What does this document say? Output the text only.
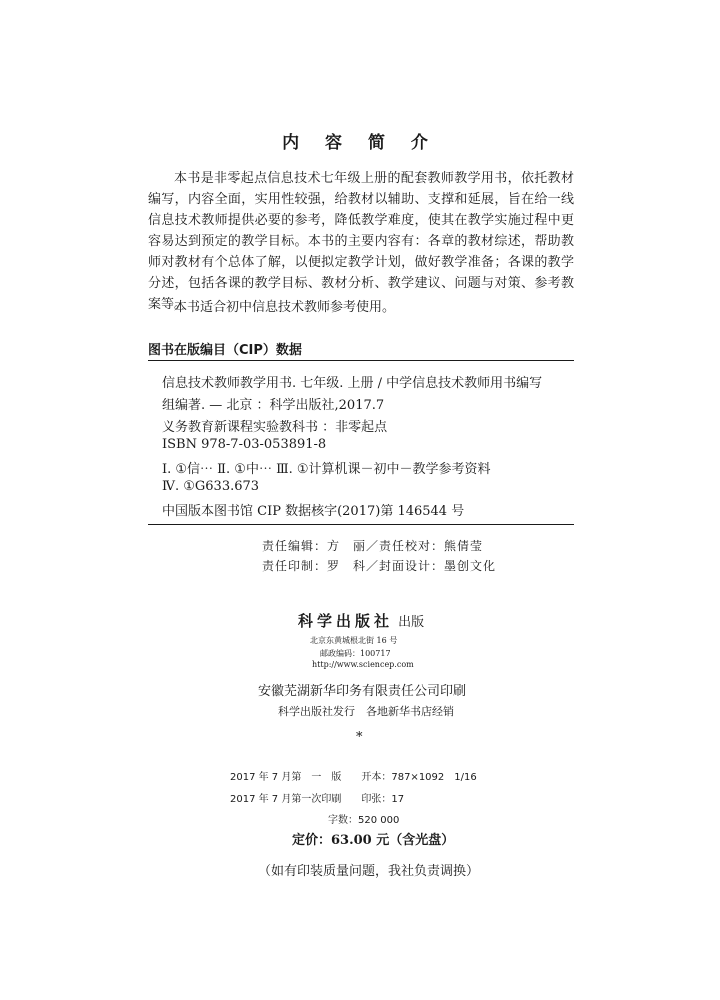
内 容 简 介

本书是非零起点信息技术七年级上册的配套教师教学用书，依托教材编写，内容全面，实用性较强，给教材以辅助、支撑和延展，旨在给一线信息技术教师提供必要的参考，降低教学难度，使其在教学实施过程中更容易达到预定的教学目标。本书的主要内容有：各章的教材综述，帮助教师对教材有个总体了解，以便拟定教学计划，做好教学准备；各课的教学分述，包括各课的教学目标、教材分析、教学建议、问题与对策、参考教案等。

本书适合初中信息技术教师参考使用。

图书在版编目（CIP）数据
信息技术教师教学用书. 七年级. 上册 / 中学信息技术教师用书编写
组编著. — 北京 ：科学出版社,2017.7
义务教育新课程实验教科书 ：非零起点
ISBN 978-7-03-053891-8
Ⅰ. ①信⋯ Ⅱ. ①中⋯ Ⅲ. ①计算机课－初中－教学参考资料
Ⅳ. ①G633.673
中国版本图书馆 CIP 数据核字(2017)第 146544 号
责任编辑：方　丽／责任校对：熊倩莹
责任印制：罗　科／封面设计：墨创文化
科学出版社 出版
北京东黄城根北街 16 号
邮政编码：100717
http://www.sciencep.com
安徽芜湖新华印务有限责任公司印刷
科学出版社发行　各地新华书店经销
*
2017 年 7 月第　一　版　　开本：787×1092　1/16
2017 年 7 月第一次印刷　　印张：17
字数：520 000
定价：63.00 元（含光盘）
（如有印装质量问题，我社负责调换）
